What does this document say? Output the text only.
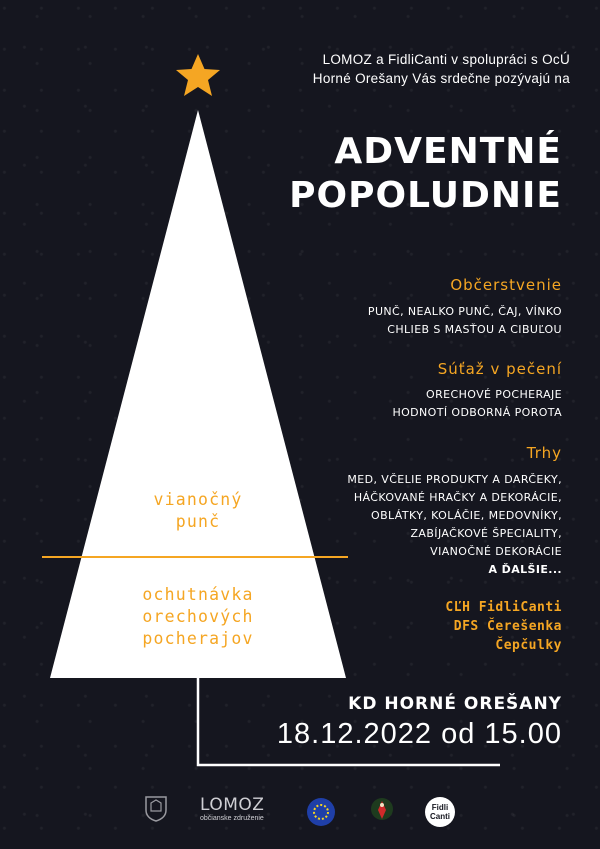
LOMOZ a FidliCanti v spolupráci s OcÚ
Horné Orešany Vás srdečne pozývajú na
ADVENTNÉ
POPOLUDNIE
Občerstvenie
PUNČ, NEALKO PUNČ, ČAJ, VÍNKO
CHLIEB S MASŤOU A CIBUĽOU
Súťaž v pečení
ORECHOVÉ POCHERAJE
HODNOTÍ ODBORNÁ POROTA
Trhy
MED, VČELIE PRODUKTY A DARČEKY,
HÁČKOVANÉ HRAČKY A DEKORÁCIE,
OBLÁTKY, KOLÁČIE, MEDOVNÍKY,
ZABÍJAČKOVÉ ŠPECIALITY,
VIANOČNÉ DEKORÁCIE
A ĎALŠIE...
vianočný
punč
ochutnávka
orechových
pocherajov
CĽH FidliCanti
DFS Čerešenka
Čepčulky
KD HORNÉ OREŠANY
18.12.2022 od 15.00
LOMOZ
občianske združenie
Fidli
Canti
